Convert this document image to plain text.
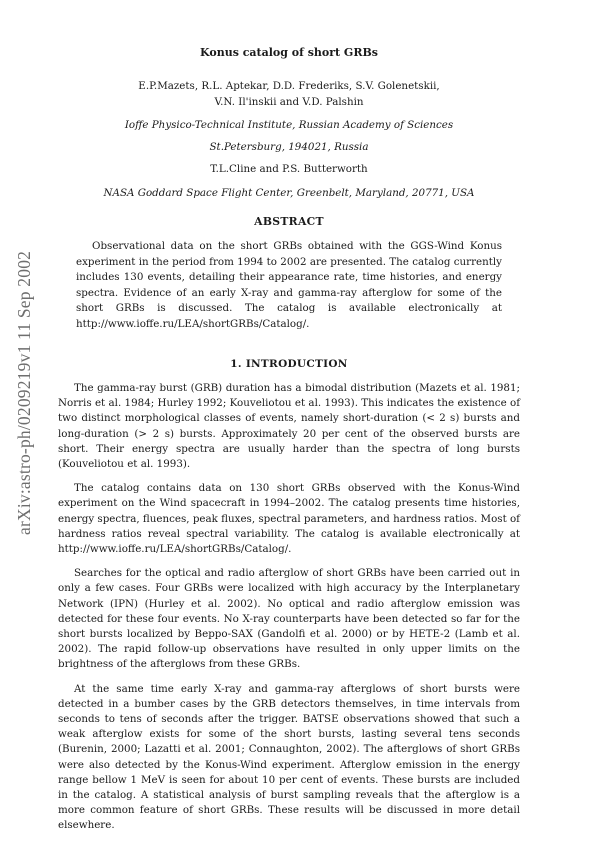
arXiv:astro-ph/0209219v1 11 Sep 2002
Konus catalog of short GRBs
E.P.Mazets, R.L. Aptekar, D.D. Frederiks, S.V. Golenetskii,
V.N. Il'inskii and V.D. Palshin
Ioffe Physico-Technical Institute, Russian Academy of Sciences
St.Petersburg, 194021, Russia
T.L.Cline and P.S. Butterworth
NASA Goddard Space Flight Center, Greenbelt, Maryland, 20771, USA
ABSTRACT

Observational data on the short GRBs obtained with the GGS-Wind Konus experiment in the period from 1994 to 2002 are presented. The catalog currently includes 130 events, detailing their appearance rate, time histories, and energy spectra. Evidence of an early X-ray and gamma-ray afterglow for some of the short GRBs is discussed. The catalog is available electronically at http://www.ioffe.ru/LEA/shortGRBs/Catalog/.

1. INTRODUCTION

The gamma-ray burst (GRB) duration has a bimodal distribution (Mazets et al. 1981; Norris et al. 1984; Hurley 1992; Kouveliotou et al. 1993). This indicates the existence of two distinct morphological classes of events, namely short-duration (< 2 s) bursts and long-duration (> 2 s) bursts. Approximately 20 per cent of the observed bursts are short. Their energy spectra are usually harder than the spectra of long bursts (Kouveliotou et al. 1993).

The catalog contains data on 130 short GRBs observed with the Konus-Wind experiment on the Wind spacecraft in 1994–2002. The catalog presents time histories, energy spectra, fluences, peak fluxes, spectral parameters, and hardness ratios. Most of hardness ratios reveal spectral variability. The catalog is available electronically at http://www.ioffe.ru/LEA/shortGRBs/Catalog/.

Searches for the optical and radio afterglow of short GRBs have been carried out in only a few cases. Four GRBs were localized with high accuracy by the Interplanetary Network (IPN) (Hurley et al. 2002). No optical and radio afterglow emission was detected for these four events. No X-ray counterparts have been detected so far for the short bursts localized by Beppo-SAX (Gandolfi et al. 2000) or by HETE-2 (Lamb et al. 2002). The rapid follow-up observations have resulted in only upper limits on the brightness of the afterglows from these GRBs.

At the same time early X-ray and gamma-ray afterglows of short bursts were detected in a bumber cases by the GRB detectors themselves, in time intervals from seconds to tens of seconds after the trigger. BATSE observations showed that such a weak afterglow exists for some of the short bursts, lasting several tens seconds (Burenin, 2000; Lazatti et al. 2001; Connaughton, 2002). The afterglows of short GRBs were also detected by the Konus-Wind experiment. Afterglow emission in the energy range bellow 1 MeV is seen for about 10 per cent of events. These bursts are included in the catalog. A statistical analysis of burst sampling reveals that the afterglow is a more common feature of short GRBs. These results will be discussed in more detail elsewhere.
